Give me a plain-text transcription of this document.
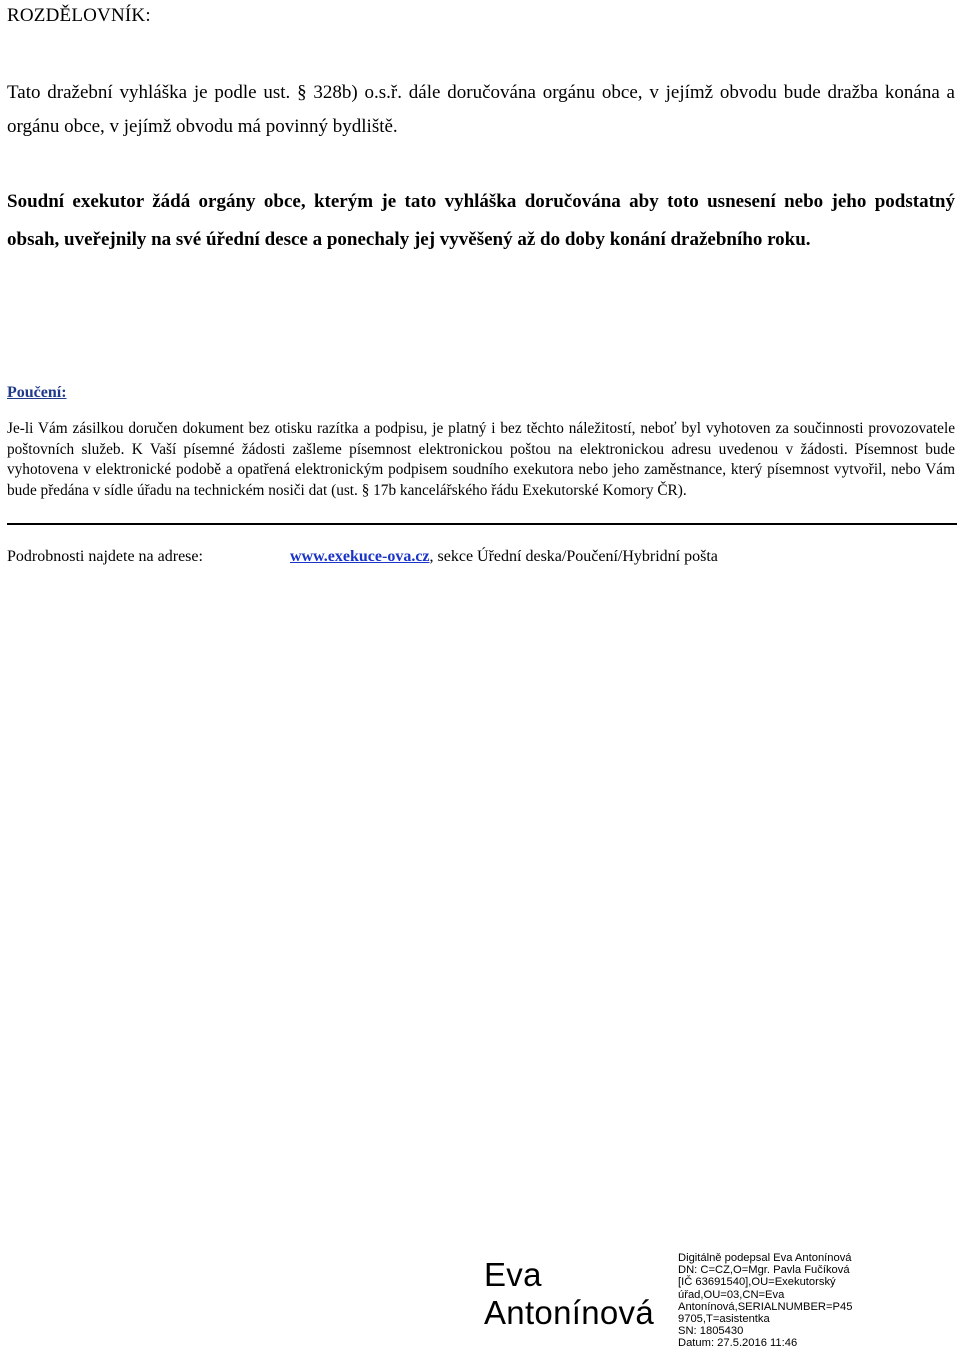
ROZDĚLOVNÍK:
Tato dražební vyhláška je podle ust. § 328b) o.s.ř. dále doručována orgánu obce, v jejímž obvodu bude dražba konána a orgánu obce, v jejímž obvodu má povinný bydliště.
Soudní exekutor žádá orgány obce, kterým je tato vyhláška doručována aby toto usnesení nebo jeho podstatný obsah, uveřejnily na své úřední desce a ponechaly jej vyvěšený až do doby konání dražebního roku.
Poučení:
Je-li Vám zásilkou doručen dokument bez otisku razítka a podpisu, je platný i bez těchto náležitostí, neboť byl vyhotoven za součinnosti provozovatele poštovních služeb. K Vaší písemné žádosti zašleme písemnost elektronickou poštou na elektronickou adresu uvedenou v žádosti. Písemnost bude vyhotovena v elektronické podobě a opatřená elektronickým podpisem soudního exekutora nebo jeho zaměstnance, který písemnost vytvořil, nebo Vám bude předána v sídle úřadu na technickém nosiči dat (ust. § 17b kancelářského řádu Exekutorské Komory ČR).
Podrobnosti najdete na adrese:	www.exekuce-ova.cz, sekce Úřední deska/Poučení/Hybridní pošta
Eva
Antonínová
Digitálně podepsal Eva Antonínová
DN: C=CZ,O=Mgr. Pavla Fučíková
[IČ 63691540],OU=Exekutorský
úřad,OU=03,CN=Eva
Antonínová,SERIALNUMBER=P45
9705,T=asistentka
SN: 1805430
Datum: 27.5.2016 11:46
